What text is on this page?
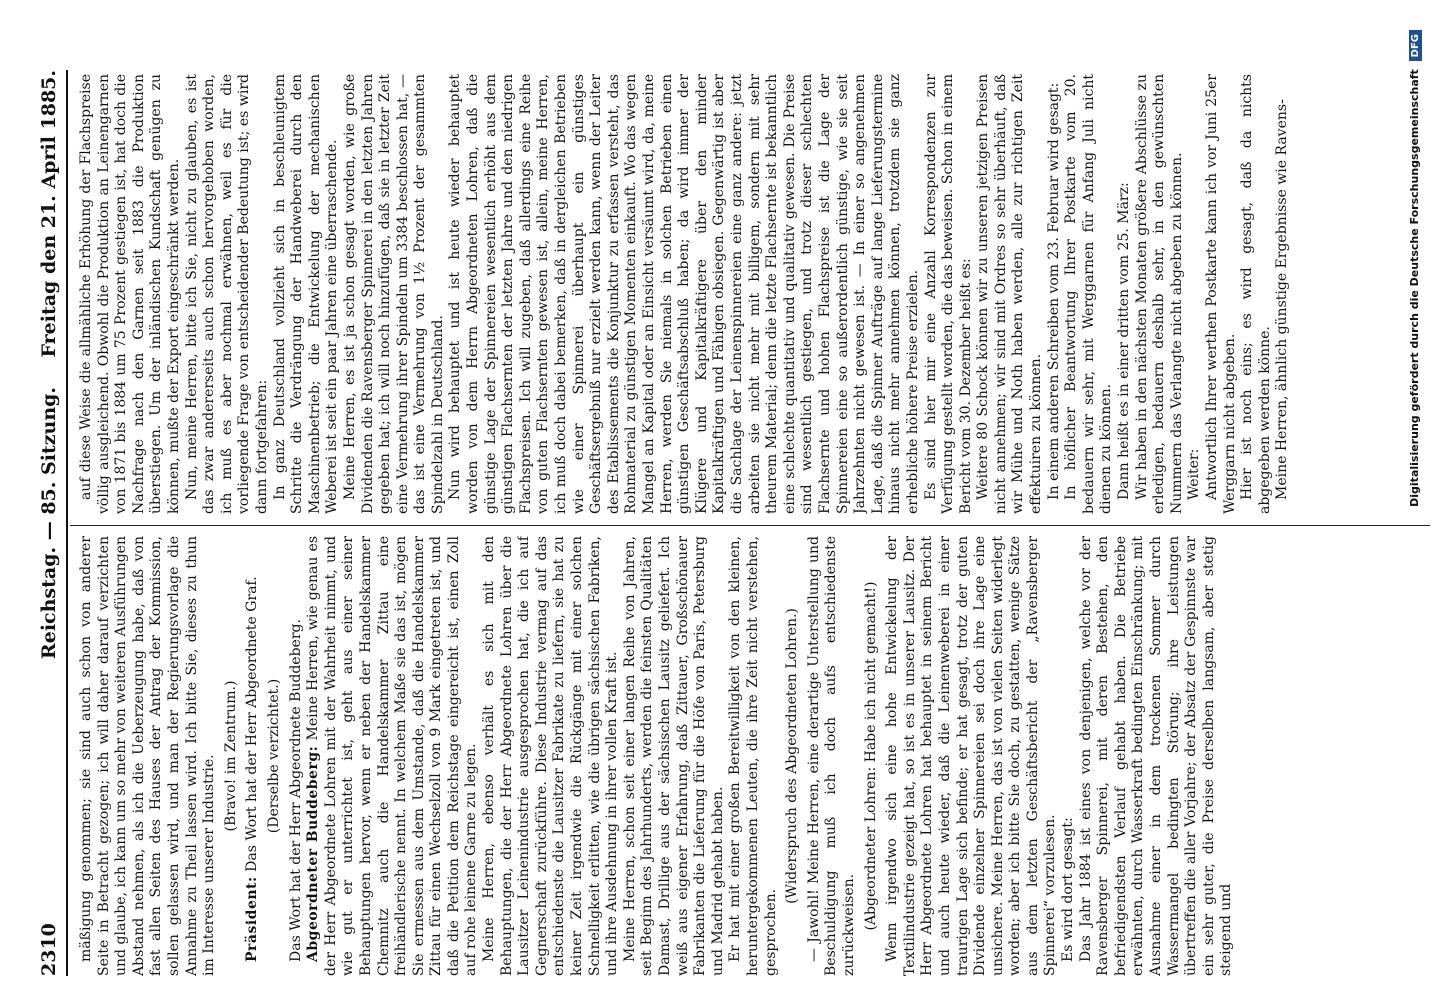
2310
Reichstag. — 85. Sitzung.
Freitag den 21. April 1885.

mäßigung genommen; sie sind auch schon von anderer Seite in Betracht gezogen; ich will daher darauf verzichten und glaube, ich kann um so mehr von weiteren Ausführungen Abstand nehmen, als ich die Ueberzeugung habe, daß von fast allen Seiten des Hauses der Antrag der Kommission, sollen gelassen wird, und man der Regierungsvorlage die Annahme zu Theil lassen wird. Ich bitte Sie, dieses zu thun im Interesse unserer Industrie. (Bravo! im Zentrum.)

Präsident: Das Wort hat der Herr Abgeordnete Graf. (Derselbe verzichtet.) Das Wort hat der Herr Abgeordnete Buddeberg. Abgeordneter Buddeberg: Meine Herren, wie genau es der Herr Abgeordnete Lohren mit der Wahrheit nimmt, und wie gut er unterrichtet ist, geht aus einer seiner Behauptungen hervor, wenn er neben der Handelskammer Chemnitz auch die Handelskammer Zittau eine freihändlerische nennt. In welchem Maße sie das ist, mögen Sie ermessen aus dem Umstande, daß die Handelskammer Zittau für einen Wechselzoll von 9 Mark eingetreten ist, und daß die Petition dem Reichstage eingereicht ist, einen Zoll auf rohe leinene Garne zu legen. Meine Herren, ebenso verhält es sich mit den Behauptungen, die der Herr Abgeordnete Lohren über die Lausitzer Leinenindustrie ausgesprochen hat, die ich auf Gegnerschaft zurückführe. Diese Industrie vermag auf das entschiedenste die Lausitzer Fabrikate zu liefern, sie hat zu keiner Zeit irgendwie die Rückgänge mit einer solchen Schnelligkeit erlitten, wie die übrigen sächsischen Fabriken, und ihre Ausdehnung in ihrer vollen Kraft ist. Meine Herren, schon seit einer langen Reihe von Jahren, seit Beginn des Jahrhunderts, werden die feinsten Qualitäten Damast, Drillige aus der sächsischen Lausitz geliefert. Ich weiß aus eigener Erfahrung, daß Zittauer, Großschönauer Fabrikanten die Lieferung für die Höfe von Paris, Petersburg und Madrid gehabt haben. Er hat mit einer großen Bereitwilligkeit von den kleinen, heruntergekommenen Leuten, die ihre Zeit nicht verstehen, gesprochen.

(Widerspruch des Abgeordneten Lohren.) — Jawohl! Meine Herren, eine derartige Unterstellung und Beschuldigung muß ich doch aufs entschiedenste zurückweisen. (Abgeordneter Lohren: Habe ich nicht gemacht!) Wenn irgendwo sich eine hohe Entwickelung der Textilindustrie gezeigt hat, so ist es in unserer Lausitz. Der Herr Abgeordnete Lohren hat behauptet in seinem Bericht und auch heute wieder, daß die Leinenweberei in einer traurigen Lage sich befinde; er hat gesagt, trotz der guten Dividende einzelner Spinnereien sei doch ihre Lage eine unsichere. Meine Herren, das ist von vielen Seiten widerlegt worden; aber ich bitte Sie doch, zu gestatten, wenige Sätze aus dem letzten Geschäftsbericht der „Ravensberger Spinnerei“ vorzulesen. Es wird dort gesagt: Das Jahr 1884 ist eines von denjenigen, welche vor der Ravensberger Spinnerei, mit deren Bestehen, den befriedigendsten Verlauf gehabt haben. Die Betriebe erwähnten, durch Wasserkraft bedingten Einschränkung; mit Ausnahme einer in dem trockenen Sommer durch Wassermangel bedingten Störung; ihre Leistungen übertreffen die aller Vorjahre; der Absatz der Gespinnste war ein sehr guter, die Preise derselben langsam, aber stetig steigend und

auf diese Weise die allmähliche Erhöhung der Flachspreise völlig ausgleichend. Obwohl die Produktion an Leinengarnen von 1871 bis 1884 um 75 Prozent gestiegen ist, hat doch die Nachfrage nach den Garnen seit 1883 die Produktion überstiegen. Um der inländischen Kundschaft genügen zu können, mußte der Export eingeschränkt werden. Nun, meine Herren, bitte ich Sie, nicht zu glauben, es ist das zwar andererseits auch schon hervorgehoben worden, ich muß es aber nochmal erwähnen, weil es für die vorliegende Frage von entscheidender Bedeutung ist; es wird dann fortgefahren: In ganz Deutschland vollzieht sich in beschleunigtem Schritte die Verdrängung der Handweberei durch den Maschinenbetrieb; die Entwickelung der mechanischen Weberei ist seit ein paar Jahren eine überraschende. Meine Herren, es ist ja schon gesagt worden, wie große Dividenden die Ravensberger Spinnerei in den letzten Jahren gegeben hat; ich will noch hinzufügen, daß sie in letzter Zeit eine Vermehrung ihrer Spindeln um 3384 beschlossen hat, — das ist eine Vermehrung von 1½ Prozent der gesammten Spindelzahl in Deutschland. Nun wird behauptet und ist heute wieder behauptet worden von dem Herrn Abgeordneten Lohren, daß die günstige Lage der Spinnereien wesentlich erhöht aus dem günstigen Flachsernten der letzten Jahre und den niedrigen Flachspreisen. Ich will zugeben, daß allerdings eine Reihe von guten Flachsernten gewesen ist, allein, meine Herren, ich muß doch dabei bemerken, daß in dergleichen Betrieben wie einer Spinnerei überhaupt ein günstiges Geschäftsergebniß nur erzielt werden kann, wenn der Leiter des Etablissements die Konjunktur zu erfassen versteht, das Rohmaterial zu günstigen Momenten einkauft. Wo das wegen Mangel an Kapital oder an Einsicht versäumt wird, da, meine Herren, werden Sie niemals in solchen Betrieben einen günstigen Geschäftsabschluß haben; da wird immer der Klügere und Kapitalkräftigere über den minder Kapitalkräftigen und Fähigen obsiegen. Gegenwärtig ist aber die Sachlage der Leinenspinnereien eine ganz andere: jetzt arbeiten sie nicht mehr mit billigem, sondern mit sehr theurem Material; denn die letzte Flachsernte ist bekanntlich eine schlechte quantitativ und qualitativ gewesen. Die Preise sind wesentlich gestiegen, und trotz dieser schlechten Flachsernte und hohen Flachspreise ist die Lage der Spinnereien eine so außerordentlich günstige, wie sie seit Jahrzehnten nicht gewesen ist. — In einer so angenehmen Lage, daß die Spinner Aufträge auf lange Lieferungstermine hinaus nicht mehr annehmen können, trotzdem sie ganz erhebliche höhere Preise erzielen. Es sind hier mir eine Anzahl Korrespondenzen zur Verfügung gestellt worden, die das beweisen. Schon in einem Bericht vom 30. Dezember heißt es: Weitere 80 Schock können wir zu unseren jetzigen Preisen nicht annehmen; wir sind mit Ordres so sehr überhäuft, daß wir Mühe und Noth haben werden, alle zur richtigen Zeit effektuiren zu können. In einem anderen Schreiben vom 23. Februar wird gesagt: In höflicher Beantwortung Ihrer Postkarte vom 20. bedauern wir sehr, mit Werggarnen für Anfang Juli nicht dienen zu können. Dann heißt es in einer dritten vom 25. März: Wir haben in den nächsten Monaten größere Abschlüsse zu erledigen, bedauern deshalb sehr, in den gewünschten Nummern das Verlangte nicht abgeben zu können. Weiter: Antwortlich Ihrer werthen Postkarte kann ich vor Juni 25er Werggarn nicht abgeben. Hier ist noch eins; es wird gesagt, daß da nichts abgegeben werden könne. Meine Herren, ähnlich günstige Ergebnisse wie Ravens-	Digitalisierung gefördert durch die Deutsche Forschungsgemeinschaft DFG
